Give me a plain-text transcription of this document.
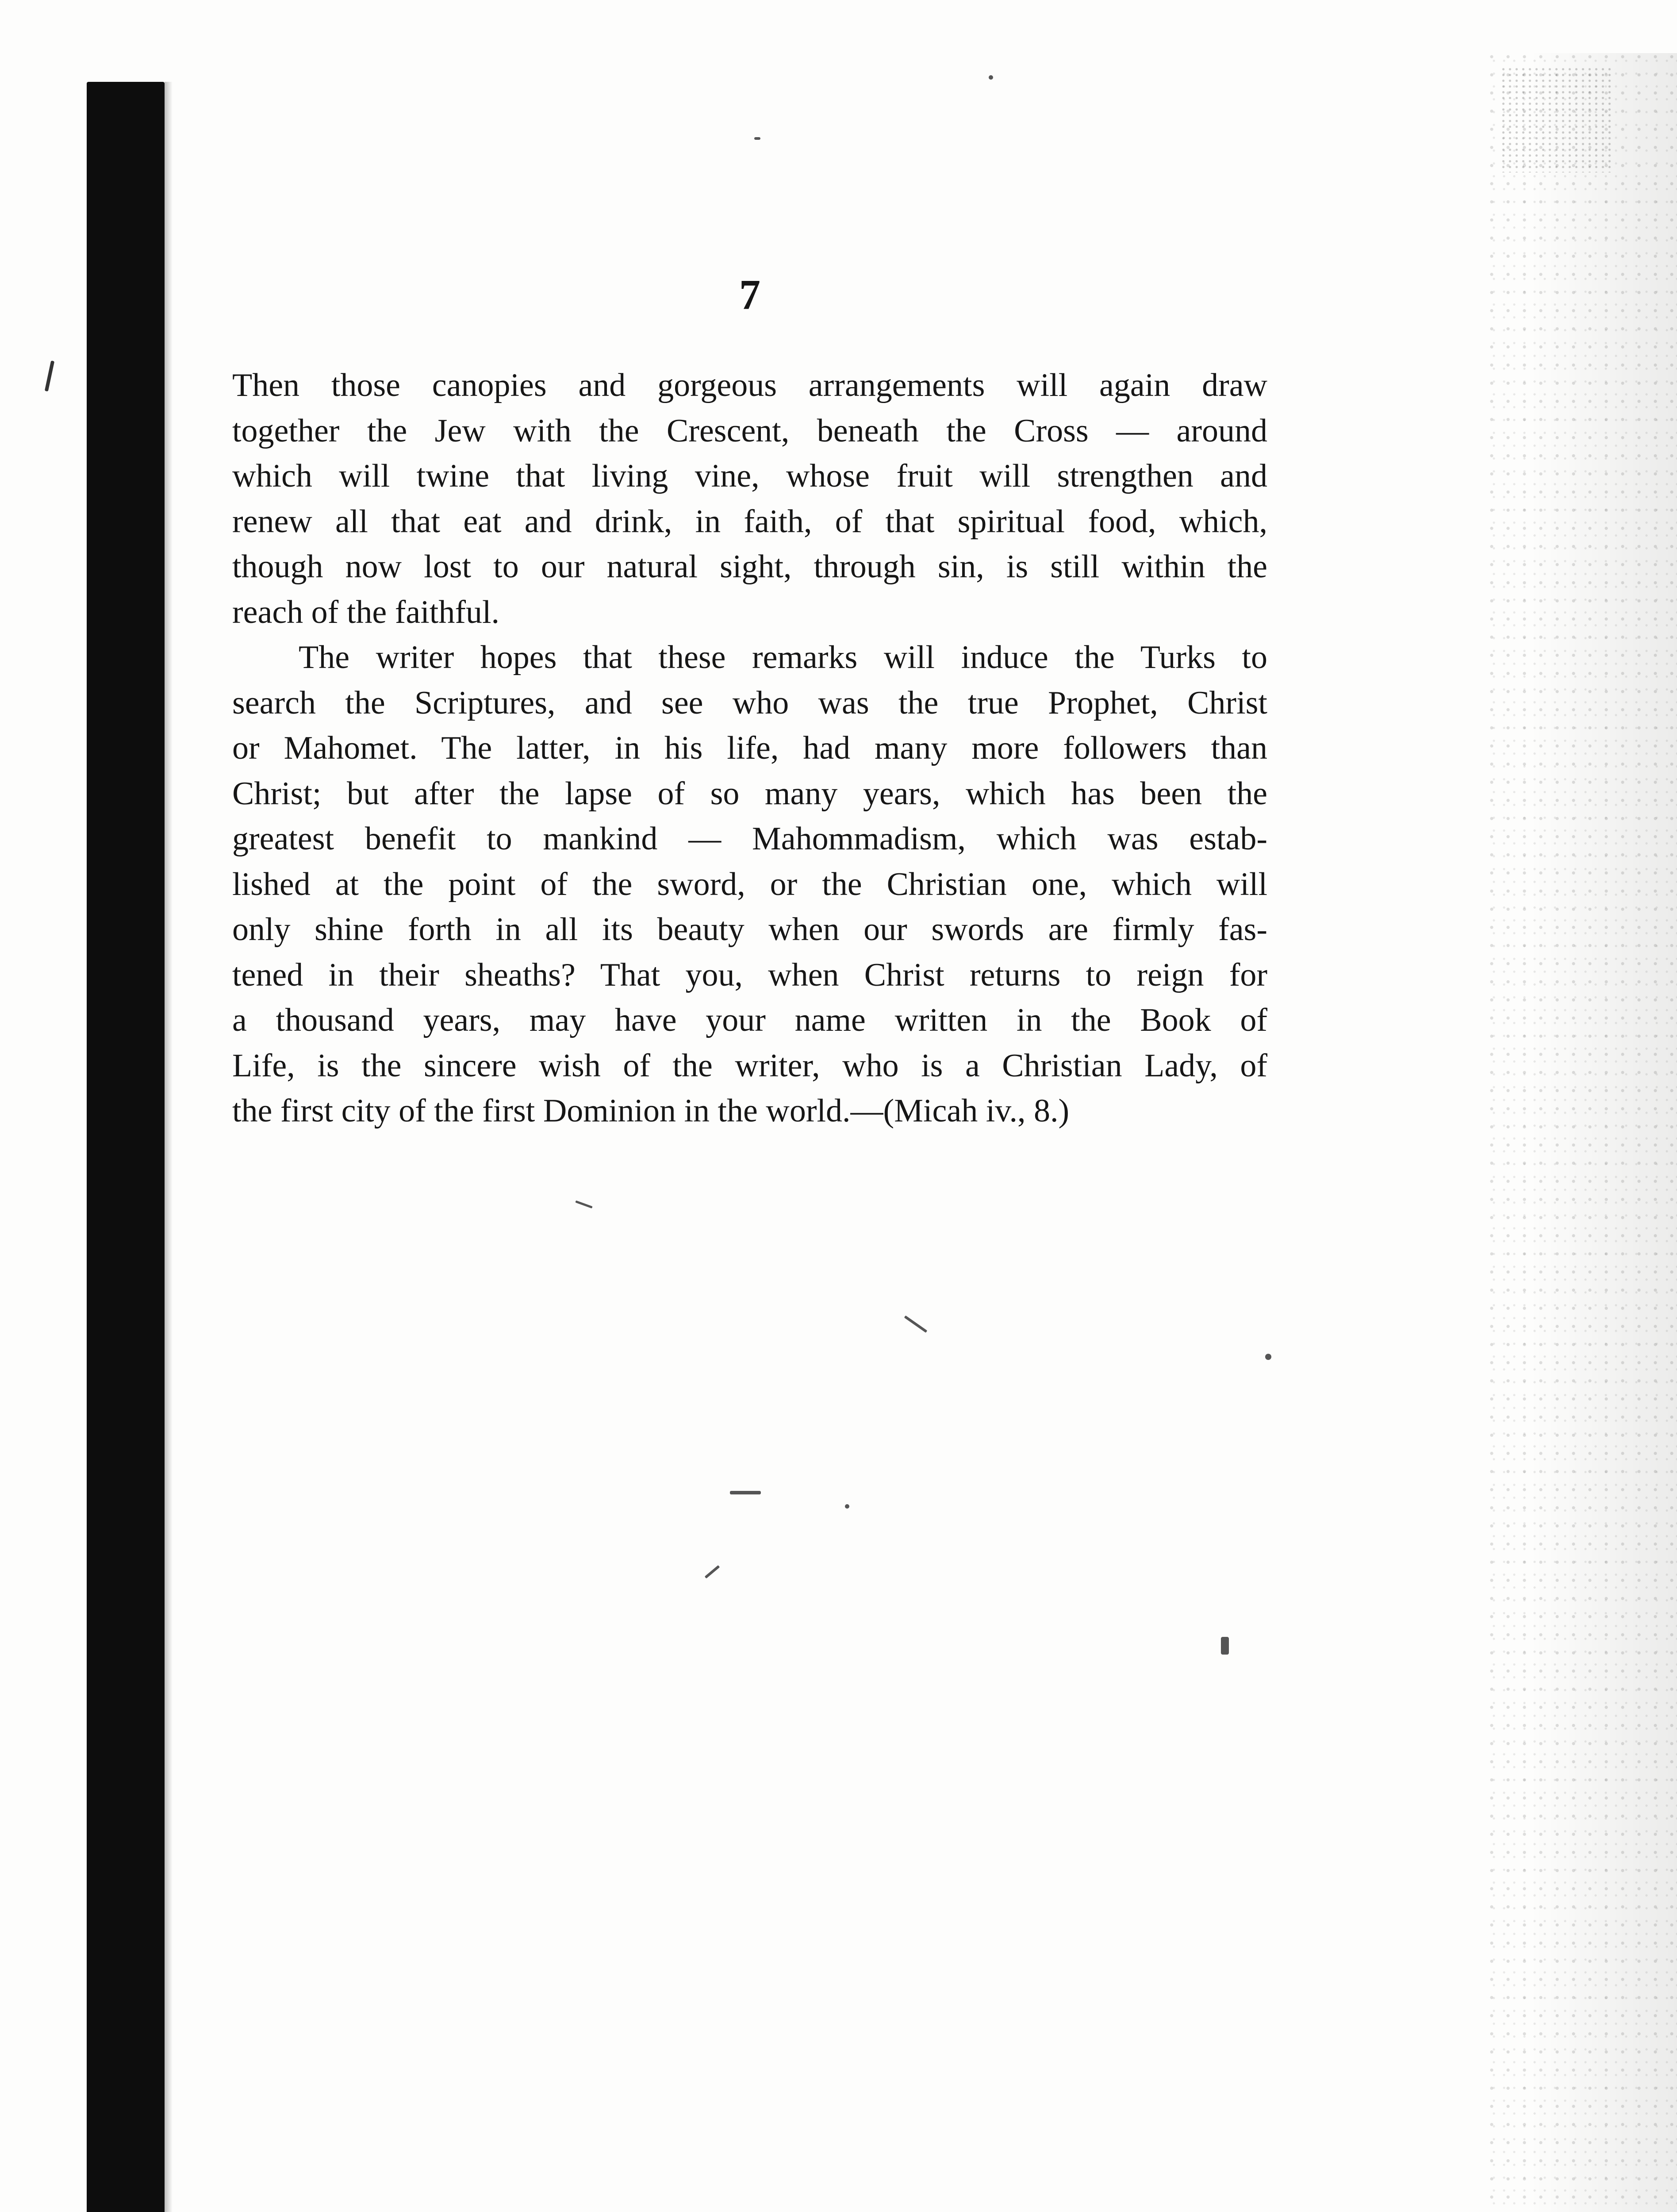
7
Then those canopies and gorgeous arrangements will again draw
together the Jew with the Crescent, beneath the Cross — around
which will twine that living vine, whose fruit will strengthen and
renew all that eat and drink, in faith, of that spiritual food, which,
though now lost to our natural sight, through sin, is still within the
reach of the faithful.
The writer hopes that these remarks will induce the Turks to
search the Scriptures, and see who was the true Prophet, Christ
or Mahomet. The latter, in his life, had many more followers than
Christ; but after the lapse of so many years, which has been the
greatest benefit to mankind — Mahommadism, which was estab-
lished at the point of the sword, or the Christian one, which will
only shine forth in all its beauty when our swords are firmly fas-
tened in their sheaths? That you, when Christ returns to reign for
a thousand years, may have your name written in the Book of
Life, is the sincere wish of the writer, who is a Christian Lady, of
the first city of the first Dominion in the world.—(Micah iv., 8.)
